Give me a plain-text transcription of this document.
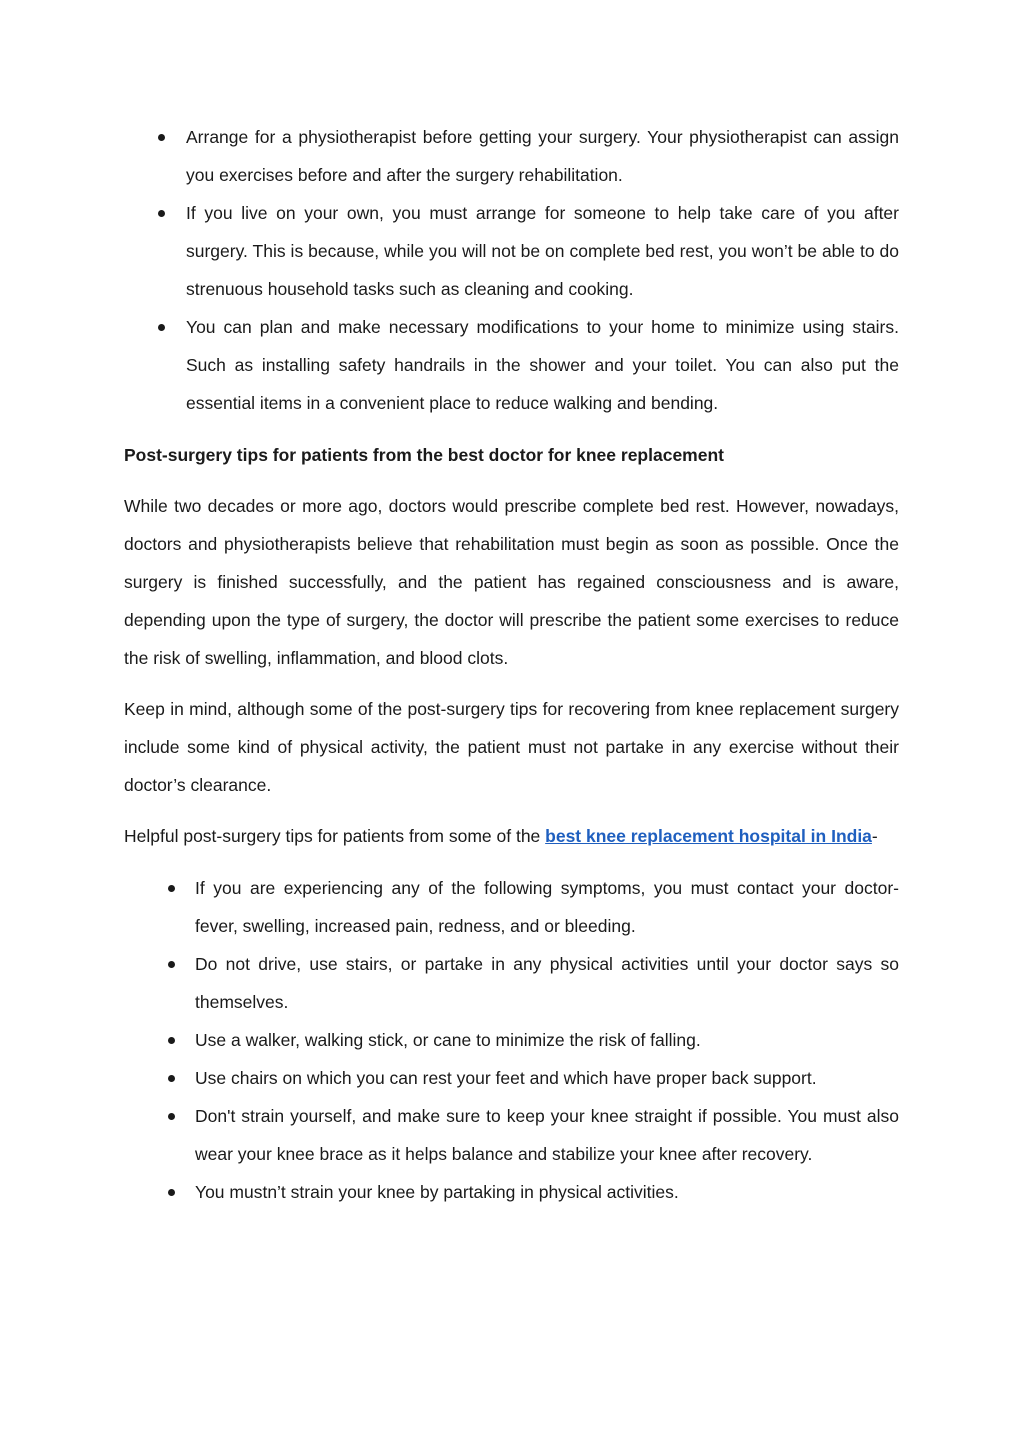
Arrange for a physiotherapist before getting your surgery. Your physiotherapist can assign you exercises before and after the surgery rehabilitation.
If you live on your own, you must arrange for someone to help take care of you after surgery. This is because, while you will not be on complete bed rest, you won’t be able to do strenuous household tasks such as cleaning and cooking.
You can plan and make necessary modifications to your home to minimize using stairs. Such as installing safety handrails in the shower and your toilet. You can also put the essential items in a convenient place to reduce walking and bending.
Post-surgery tips for patients from the best doctor for knee replacement

While two decades or more ago, doctors would prescribe complete bed rest. However, nowadays, doctors and physiotherapists believe that rehabilitation must begin as soon as possible. Once the surgery is finished successfully, and the patient has regained consciousness and is aware, depending upon the type of surgery, the doctor will prescribe the patient some exercises to reduce the risk of swelling, inflammation, and blood clots.

Keep in mind, although some of the post-surgery tips for recovering from knee replacement surgery include some kind of physical activity, the patient must not partake in any exercise without their doctor’s clearance.

Helpful post-surgery tips for patients from some of the best knee replacement hospital in India-

If you are experiencing any of the following symptoms, you must contact your doctor- fever, swelling, increased pain, redness, and or bleeding.
Do not drive, use stairs, or partake in any physical activities until your doctor says so themselves.
Use a walker, walking stick, or cane to minimize the risk of falling.
Use chairs on which you can rest your feet and which have proper back support.
Don't strain yourself, and make sure to keep your knee straight if possible. You must also wear your knee brace as it helps balance and stabilize your knee after recovery.
You mustn’t strain your knee by partaking in physical activities.
